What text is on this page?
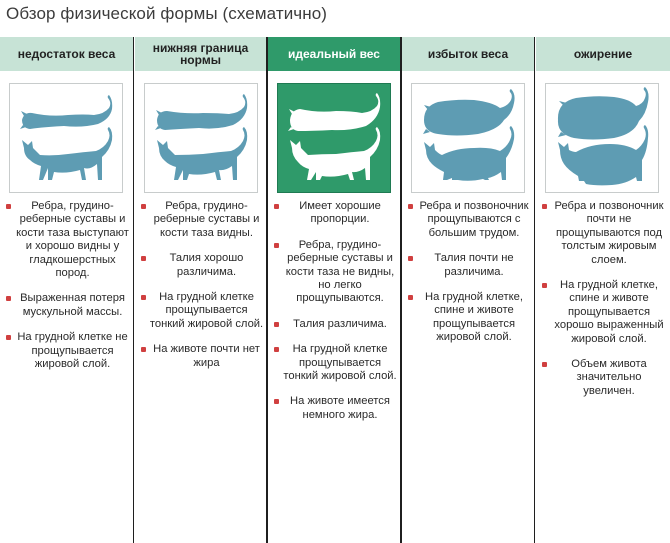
Обзор физической формы (схематично)
недостаток веса
Ребра, грудино-реберные суставы и кости таза выступают и хорошо видны у гладкошерстных пород.
Выраженная потеря мускульной массы.
На грудной клетке не прощупывается жировой слой.
нижняя граница нормы
Ребра, грудино-реберные суставы и кости таза видны.
Талия хорошо различима.
На грудной клетке прощупывается тонкий жировой слой.
На животе почти нет жира
идеальный вес
Имеет хорошие пропорции.
Ребра, грудино-реберные суставы и кости таза не видны, но легко прощупываются.
Талия различима.
На грудной клетке прощупывается тонкий жировой слой.
На животе имеется немного жира.
избыток веса
Ребра и позвоночник прощупываются с большим трудом.
Талия почти не различима.
На грудной клетке, спине и животе прощупывается жировой слой.
ожирение
Ребра и позвоночник почти не прощупываются под толстым жировым слоем.
На грудной клетке, спине и животе прощупывается хорошо выраженный жировой слой.
Объем живота значительно увеличен.
